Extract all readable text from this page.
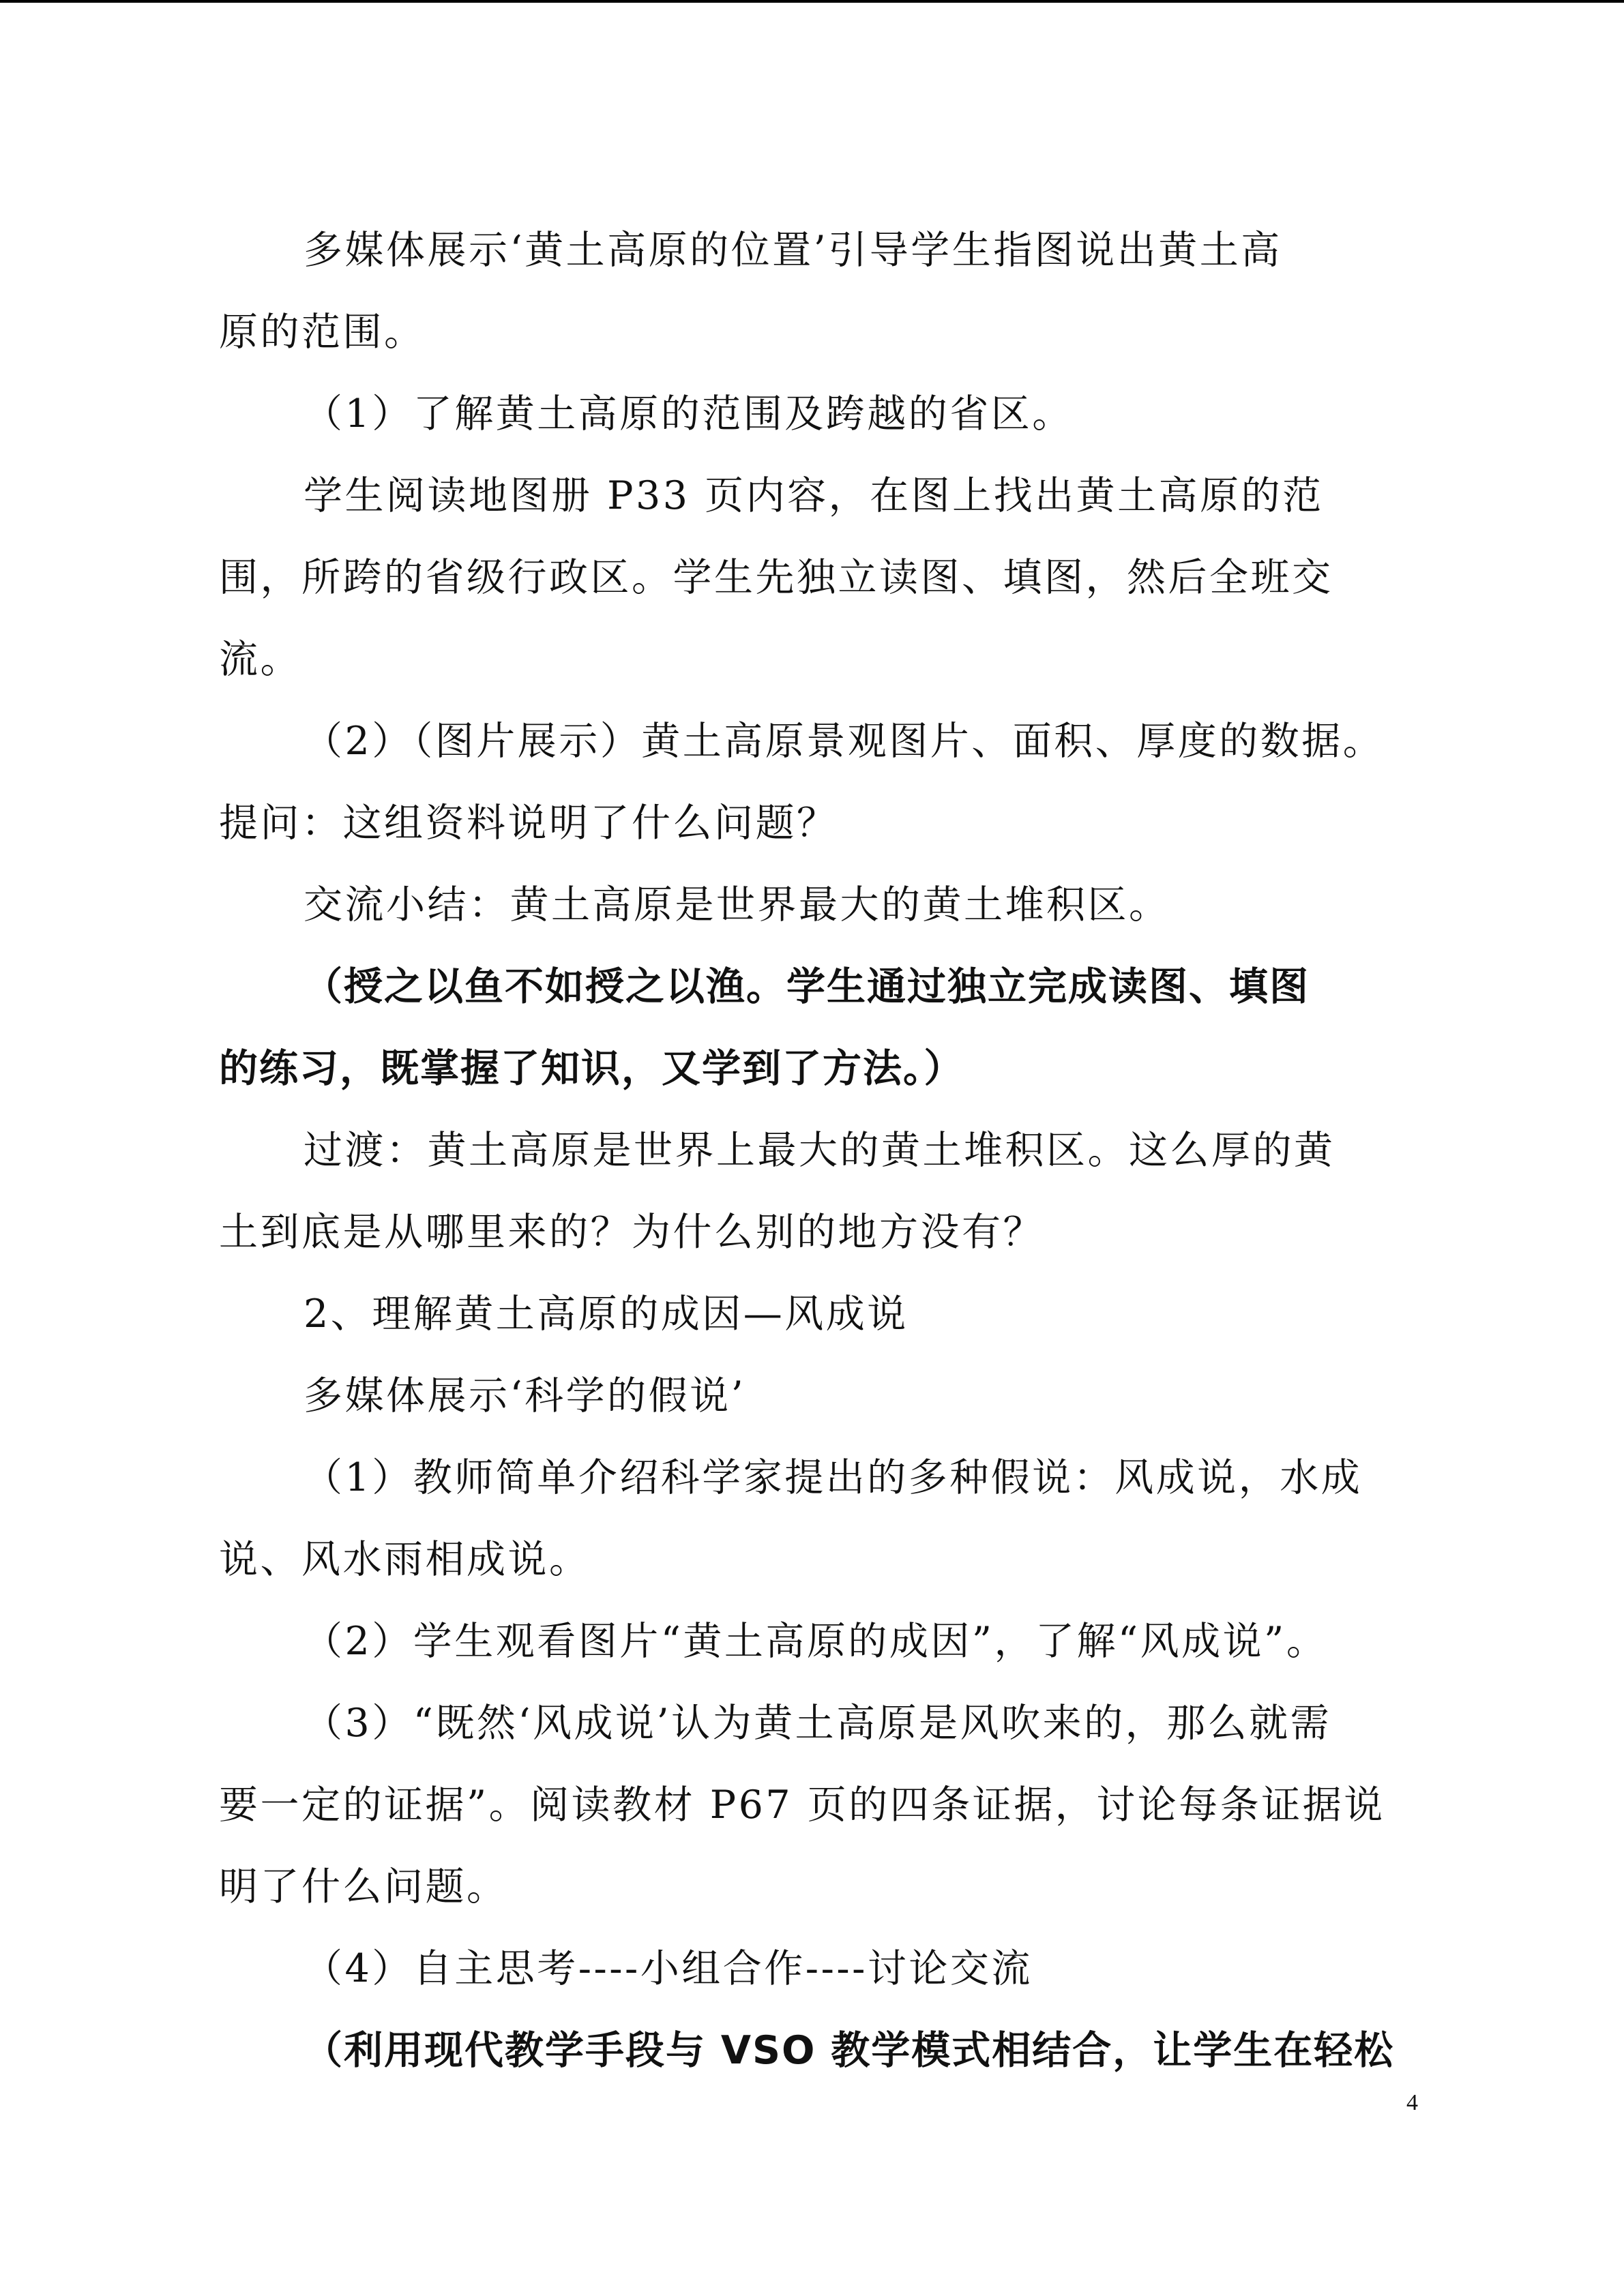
多媒体展示‘黄土高原的位置’引导学生指图说出黄土高
原的范围。
（1）了解黄土高原的范围及跨越的省区。
学生阅读地图册 P33 页内容，在图上找出黄土高原的范
围，所跨的省级行政区。学生先独立读图、填图，然后全班交
流。
（2）（图片展示）黄土高原景观图片、面积、厚度的数据。
提问：这组资料说明了什么问题？
交流小结：黄土高原是世界最大的黄土堆积区。
（授之以鱼不如授之以渔。学生通过独立完成读图、填图
的练习，既掌握了知识，又学到了方法。）
过渡：黄土高原是世界上最大的黄土堆积区。这么厚的黄
土到底是从哪里来的？为什么别的地方没有？
2、理解黄土高原的成因—风成说
多媒体展示‘科学的假说’
（1）教师简单介绍科学家提出的多种假说：风成说，水成
说、风水雨相成说。
（2）学生观看图片“黄土高原的成因”，了解“风成说”。
（3）“既然‘风成说’认为黄土高原是风吹来的，那么就需
要一定的证据”。阅读教材 P67 页的四条证据，讨论每条证据说
明了什么问题。
（4）自主思考----小组合作----讨论交流
（利用现代教学手段与 VSO 教学模式相结合，让学生在轻松
4
